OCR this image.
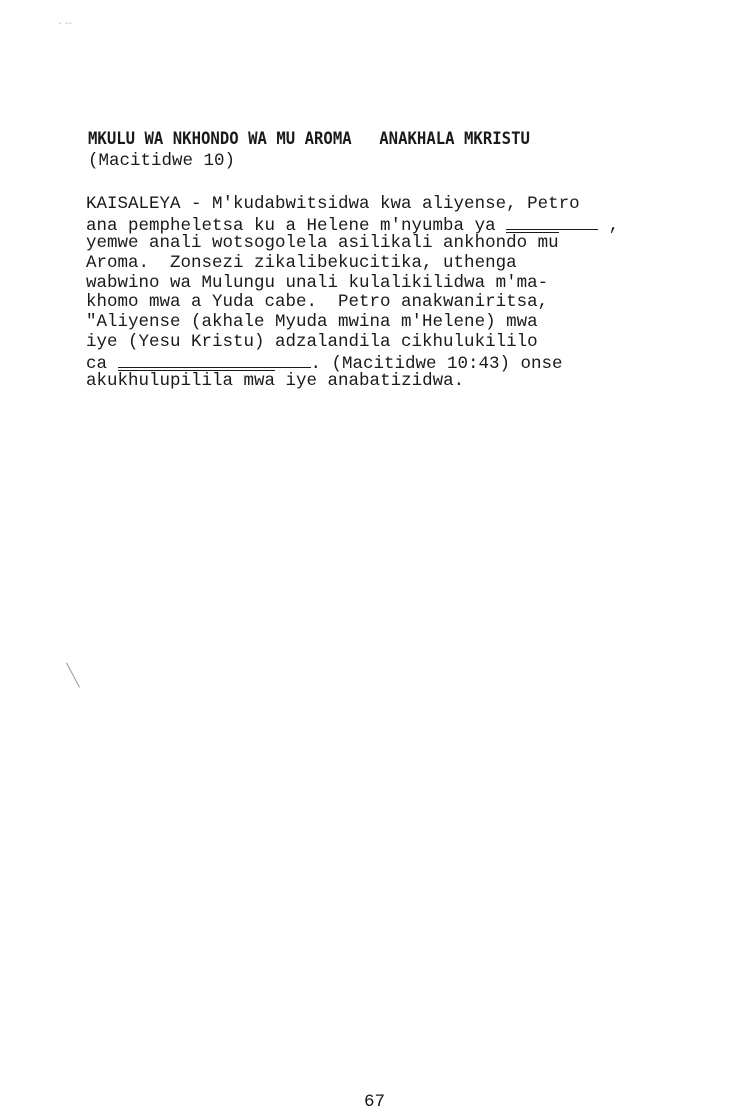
- --
MKULU WA NKHONDO WA MU AROMA ANAKHALA MKRISTU
(Macitidwe 10)
KAISALEYA - M'kudabwitsidwa kwa aliyense, Petro
ana pempheletsa ku a Helene m'nyumba ya	,
yemwe anali wotsogolela asilikali ankhondo mu
Aroma.  Zonsezi zikalibekucitika, uthenga
wabwino wa Mulungu unali kulalikilidwa m'ma-
khomo mwa a Yuda cabe.  Petro anakwaniritsa,
"Aliyense (akhale Myuda mwina m'Helene) mwa
iye (Yesu Kristu) adzalandila cikhulukililo
ca	. (Macitidwe 10:43) onse
akukhulupilila mwa iye anabatizidwa.
67
